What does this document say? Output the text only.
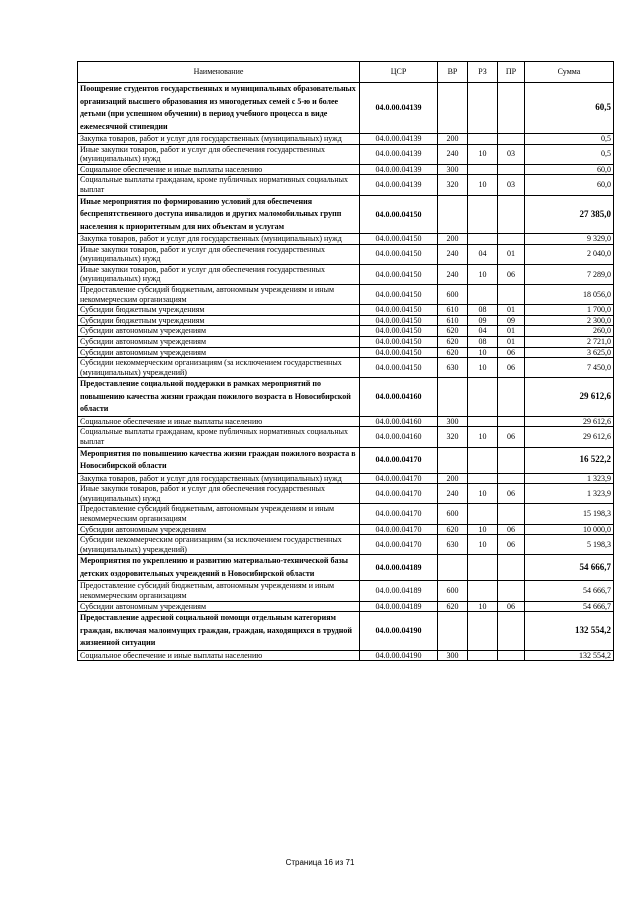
Наименование	ЦСР	ВР	РЗ	ПР	Сумма
Поощрение студентов государственных и муниципальных образовательных организаций высшего образования из многодетных семей с 5-ю и более детьми (при успешном обучении) в период учебного процесса в виде ежемесячной стипендии	04.0.00.04139				60,5
Закупка товаров, работ и услуг для государственных (муниципальных) нужд	04.0.00.04139	200			0,5
Иные закупки товаров, работ и услуг для обеспечения государственных (муниципальных) нужд	04.0.00.04139	240	10	03	0,5
Социальное обеспечение и иные выплаты населению	04.0.00.04139	300			60,0
Социальные выплаты гражданам, кроме публичных нормативных социальных выплат	04.0.00.04139	320	10	03	60,0
Иные мероприятия по формированию условий для обеспечения беспрепятственного доступа инвалидов и других маломобильных групп населения к приоритетным для них объектам и услугам	04.0.00.04150				27 385,0
Закупка товаров, работ и услуг для государственных (муниципальных) нужд	04.0.00.04150	200			9 329,0
Иные закупки товаров, работ и услуг для обеспечения государственных (муниципальных) нужд	04.0.00.04150	240	04	01	2 040,0
Иные закупки товаров, работ и услуг для обеспечения государственных (муниципальных) нужд	04.0.00.04150	240	10	06	7 289,0
Предоставление субсидий бюджетным, автономным учреждениям и иным некоммерческим организациям	04.0.00.04150	600			18 056,0
Субсидии бюджетным учреждениям	04.0.00.04150	610	08	01	1 700,0
Субсидии бюджетным учреждениям	04.0.00.04150	610	09	09	2 300,0
Субсидии автономным учреждениям	04.0.00.04150	620	04	01	260,0
Субсидии автономным учреждениям	04.0.00.04150	620	08	01	2 721,0
Субсидии автономным учреждениям	04.0.00.04150	620	10	06	3 625,0
Субсидии некоммерческим организациям (за исключением государственных (муниципальных) учреждений)	04.0.00.04150	630	10	06	7 450,0
Предоставление социальной поддержки в рамках мероприятий по повышению качества жизни граждан пожилого возраста в Новосибирской области	04.0.00.04160				29 612,6
Социальное обеспечение и иные выплаты населению	04.0.00.04160	300			29 612,6
Социальные выплаты гражданам, кроме публичных нормативных социальных выплат	04.0.00.04160	320	10	06	29 612,6
Мероприятия по повышению качества жизни граждан пожилого возраста в Новосибирской области	04.0.00.04170				16 522,2
Закупка товаров, работ и услуг для государственных (муниципальных) нужд	04.0.00.04170	200			1 323,9
Иные закупки товаров, работ и услуг для обеспечения государственных (муниципальных) нужд	04.0.00.04170	240	10	06	1 323,9
Предоставление субсидий бюджетным, автономным учреждениям и иным некоммерческим организациям	04.0.00.04170	600			15 198,3
Субсидии автономным учреждениям	04.0.00.04170	620	10	06	10 000,0
Субсидии некоммерческим организациям (за исключением государственных (муниципальных) учреждений)	04.0.00.04170	630	10	06	5 198,3
Мероприятия по укреплению и развитию материально-технической базы детских оздоровительных учреждений в Новосибирской области	04.0.00.04189				54 666,7
Предоставление субсидий бюджетным, автономным учреждениям и иным некоммерческим организациям	04.0.00.04189	600			54 666,7
Субсидии автономным учреждениям	04.0.00.04189	620	10	06	54 666,7
Предоставление адресной социальной помощи отдельным категориям граждан, включая малоимущих граждан, граждан, находящихся в трудной жизненной ситуации	04.0.00.04190				132 554,2
Социальное обеспечение и иные выплаты населению	04.0.00.04190	300			132 554,2
Страница 16 из 71
